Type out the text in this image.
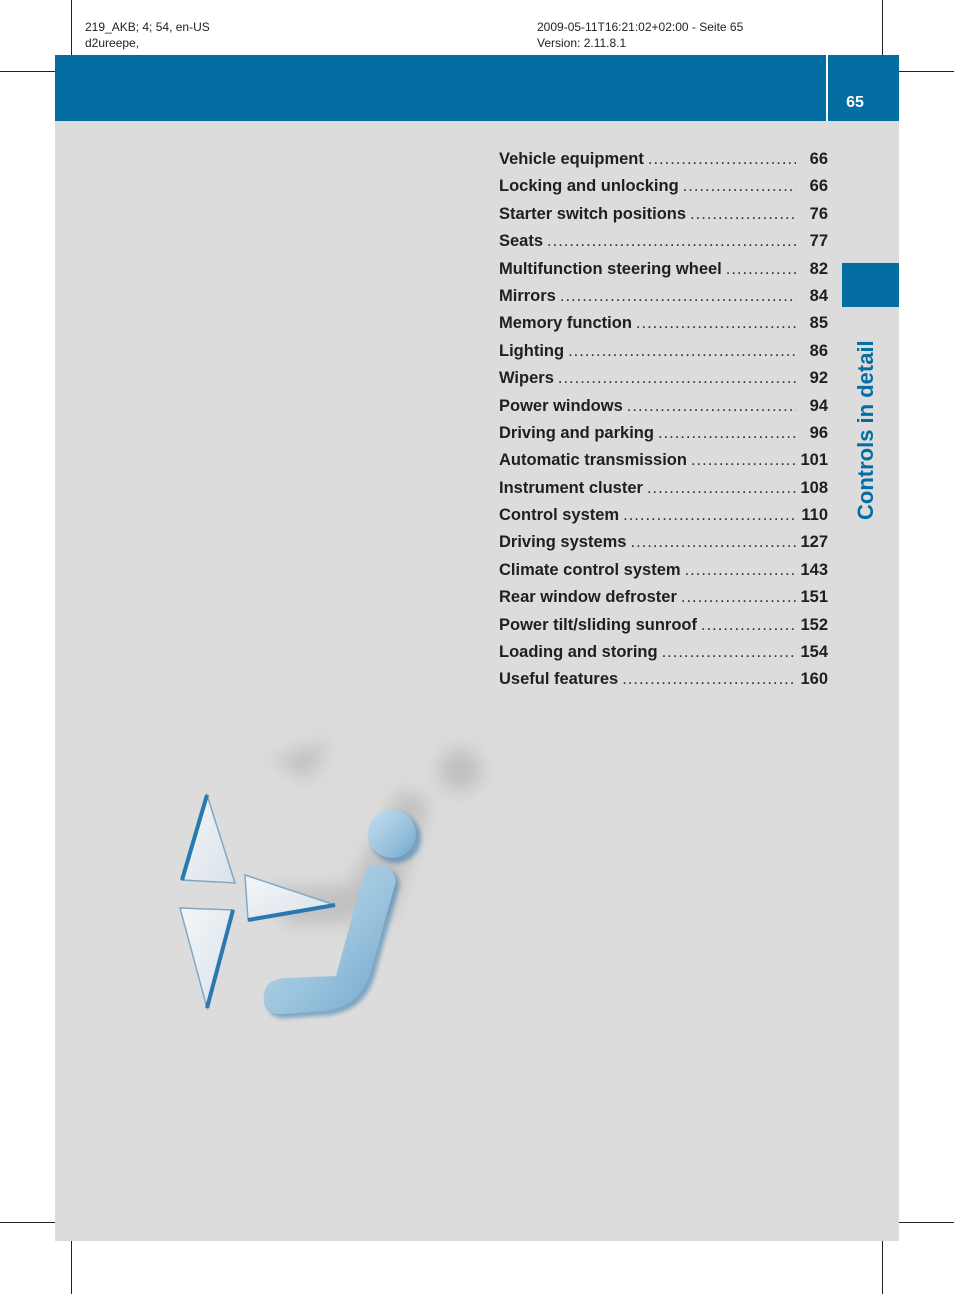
219_AKB; 4; 54, en-US
d2ureepe,
2009-05-11T16:21:02+02:00 - Seite 65
Version: 2.11.8.1
65
Controls in detail
Vehicle equipment .....	66
Locking and unlocking .....	66
Starter switch positions .....	76
Seats .....	77
Multifunction steering wheel .....	82
Mirrors .....	84
Memory function .....	85
Lighting .....	86
Wipers .....	92
Power windows .....	94
Driving and parking .....	96
Automatic transmission .....	101
Instrument cluster .....	108
Control system .....	110
Driving systems .....	127
Climate control system .....	143
Rear window defroster .....	151
Power tilt/sliding sunroof .....	152
Loading and storing .....	154
Useful features .....	160
